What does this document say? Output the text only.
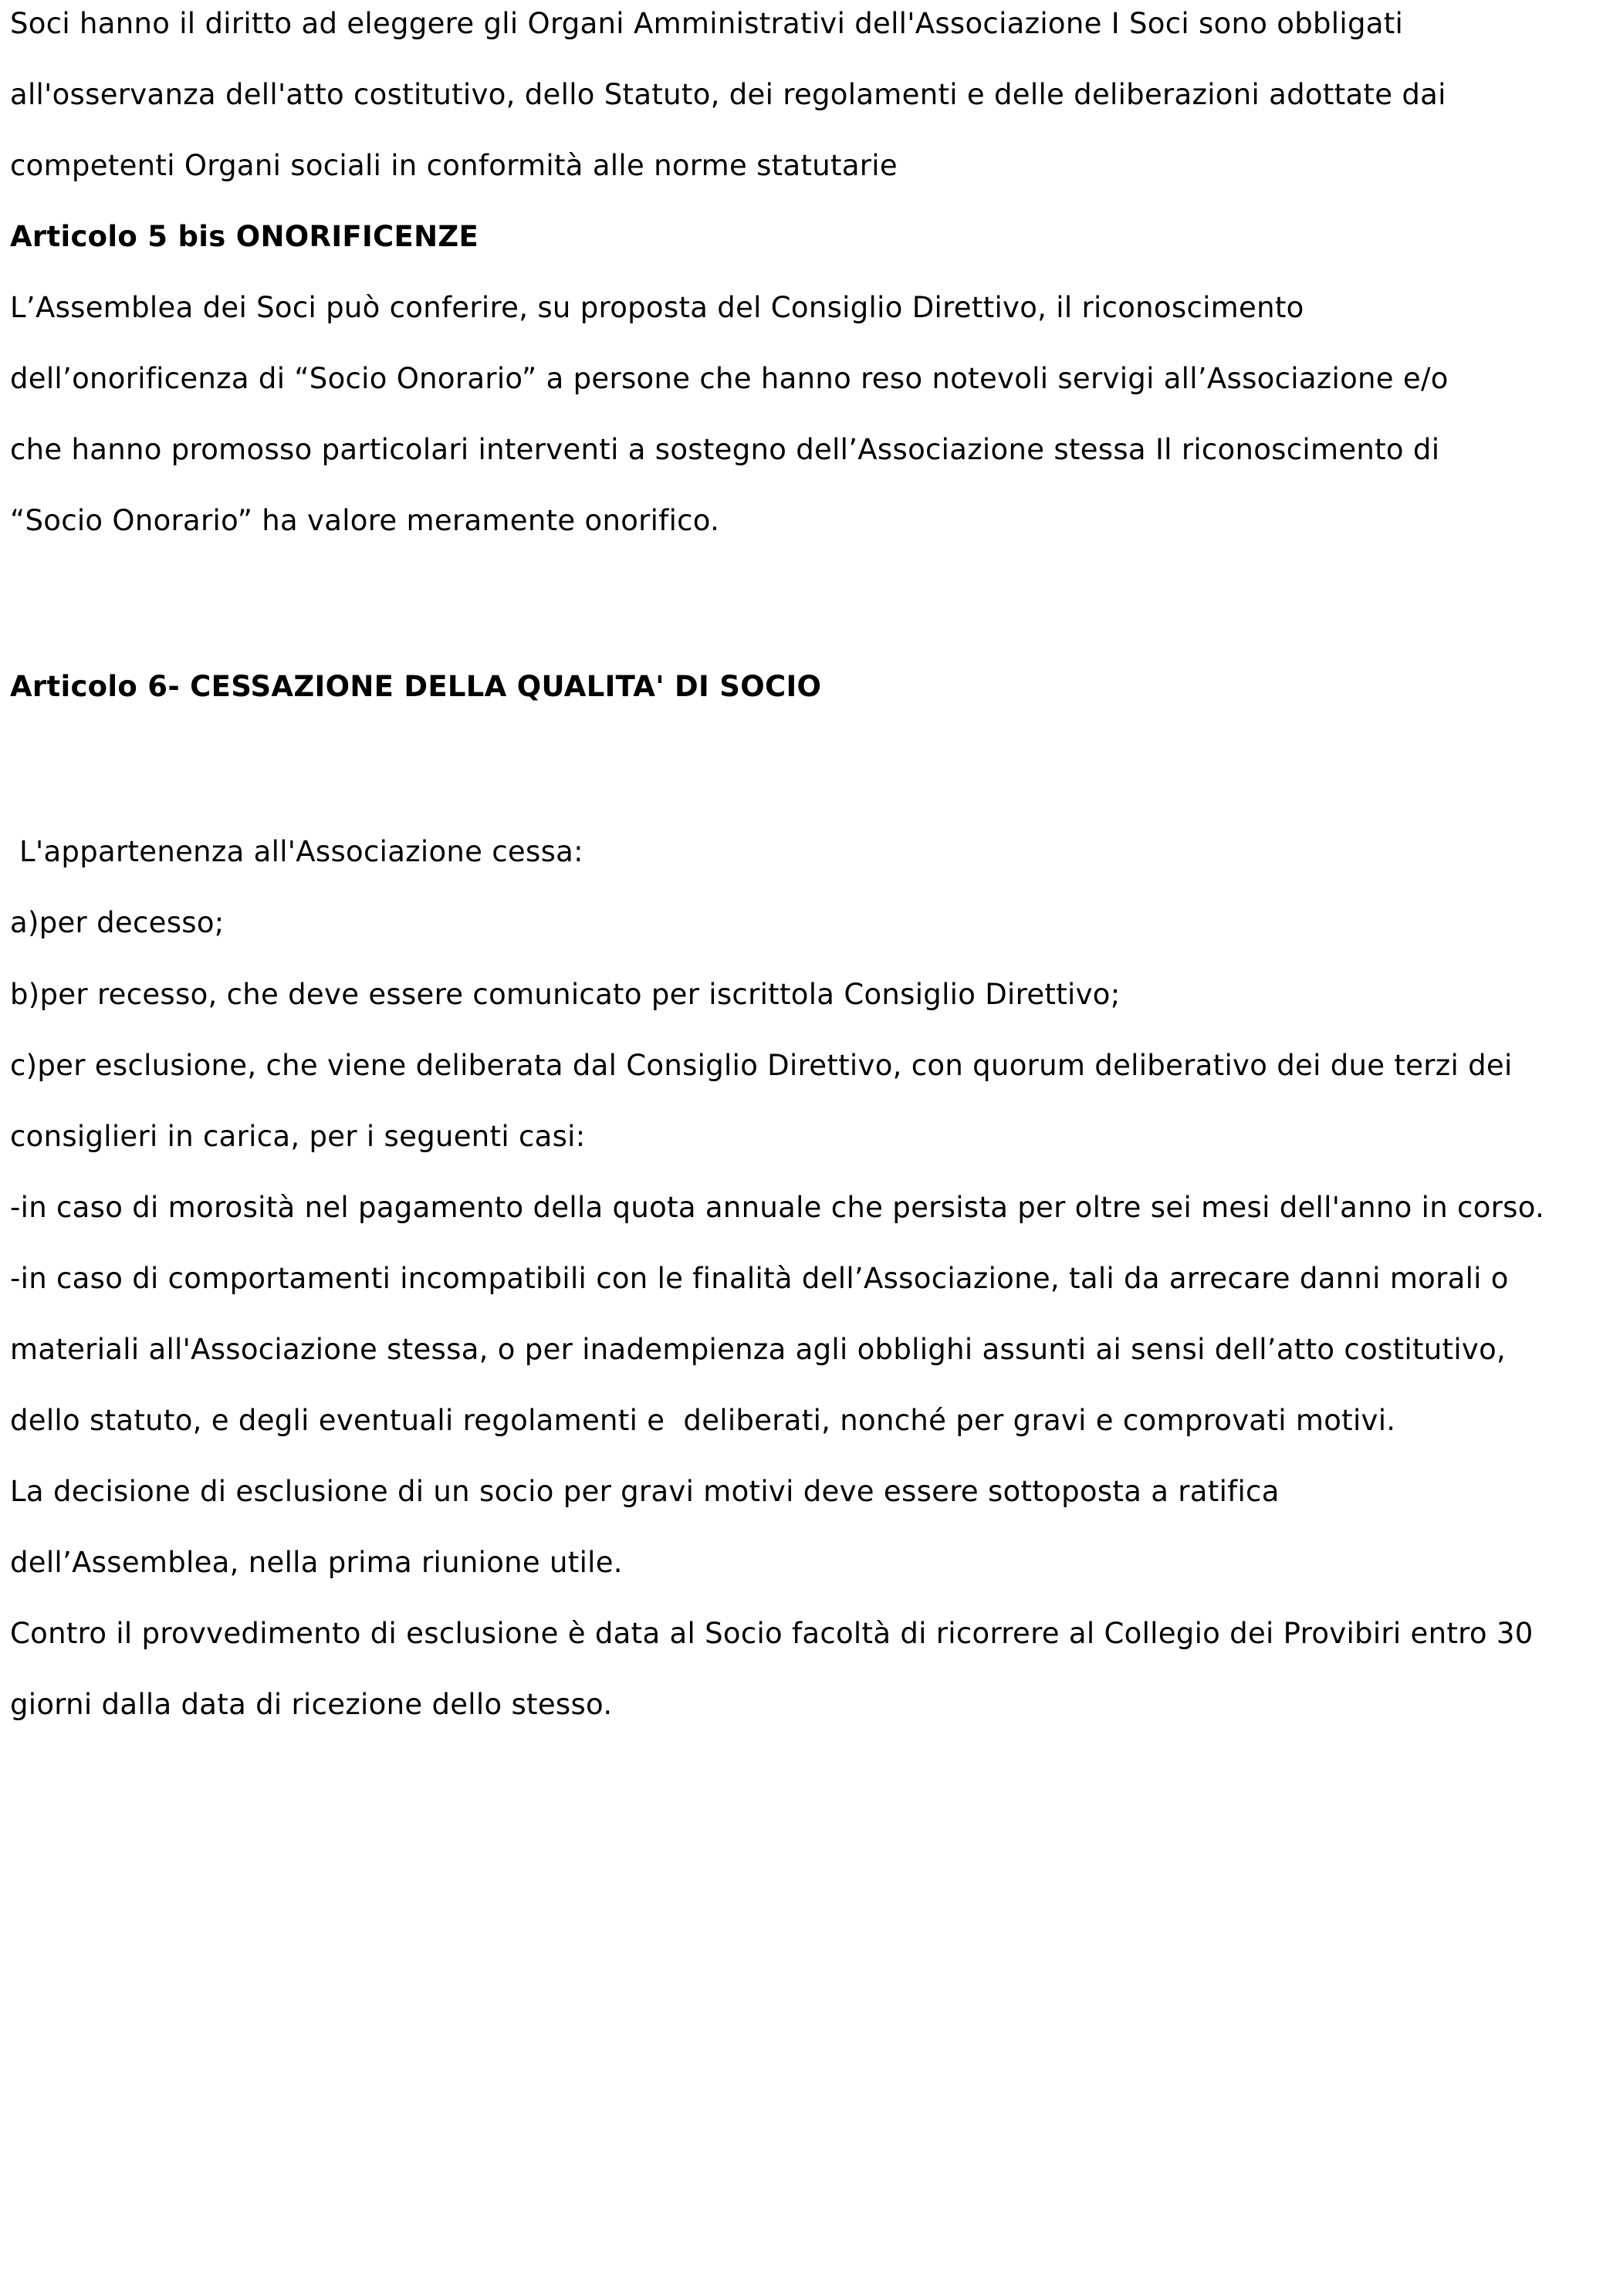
Soci hanno il diritto ad eleggere gli Organi Amministrativi dell'Associazione I Soci sono obbligati

all'osservanza dell'atto costitutivo, dello Statuto, dei regolamenti e delle deliberazioni adottate dai

competenti Organi sociali in conformità alle norme statutarie

Articolo 5 bis ONORIFICENZE

L’Assemblea dei Soci può conferire, su proposta del Consiglio Direttivo, il riconoscimento

dell’onorificenza di “Socio Onorario” a persone che hanno reso notevoli servigi all’Associazione e/o

che hanno promosso particolari interventi a sostegno dell’Associazione stessa Il riconoscimento di

“Socio Onorario” ha valore meramente onorifico.

Articolo 6- CESSAZIONE DELLA QUALITA' DI SOCIO

L'appartenenza all'Associazione cessa:

a)per decesso;

b)per recesso, che deve essere comunicato per iscrittola Consiglio Direttivo;

c)per esclusione, che viene deliberata dal Consiglio Direttivo, con quorum deliberativo dei due terzi dei

consiglieri in carica, per i seguenti casi:

-in caso di morosità nel pagamento della quota annuale che persista per oltre sei mesi dell'anno in corso.

-in caso di comportamenti incompatibili con le finalità dell’Associazione, tali da arrecare danni morali o

materiali all'Associazione stessa, o per inadempienza agli obblighi assunti ai sensi dell’atto costitutivo,

dello statuto, e degli eventuali regolamenti e  deliberati, nonché per gravi e comprovati motivi.

La decisione di esclusione di un socio per gravi motivi deve essere sottoposta a ratifica

dell’Assemblea, nella prima riunione utile.

Contro il provvedimento di esclusione è data al Socio facoltà di ricorrere al Collegio dei Provibiri entro 30

giorni dalla data di ricezione dello stesso.
